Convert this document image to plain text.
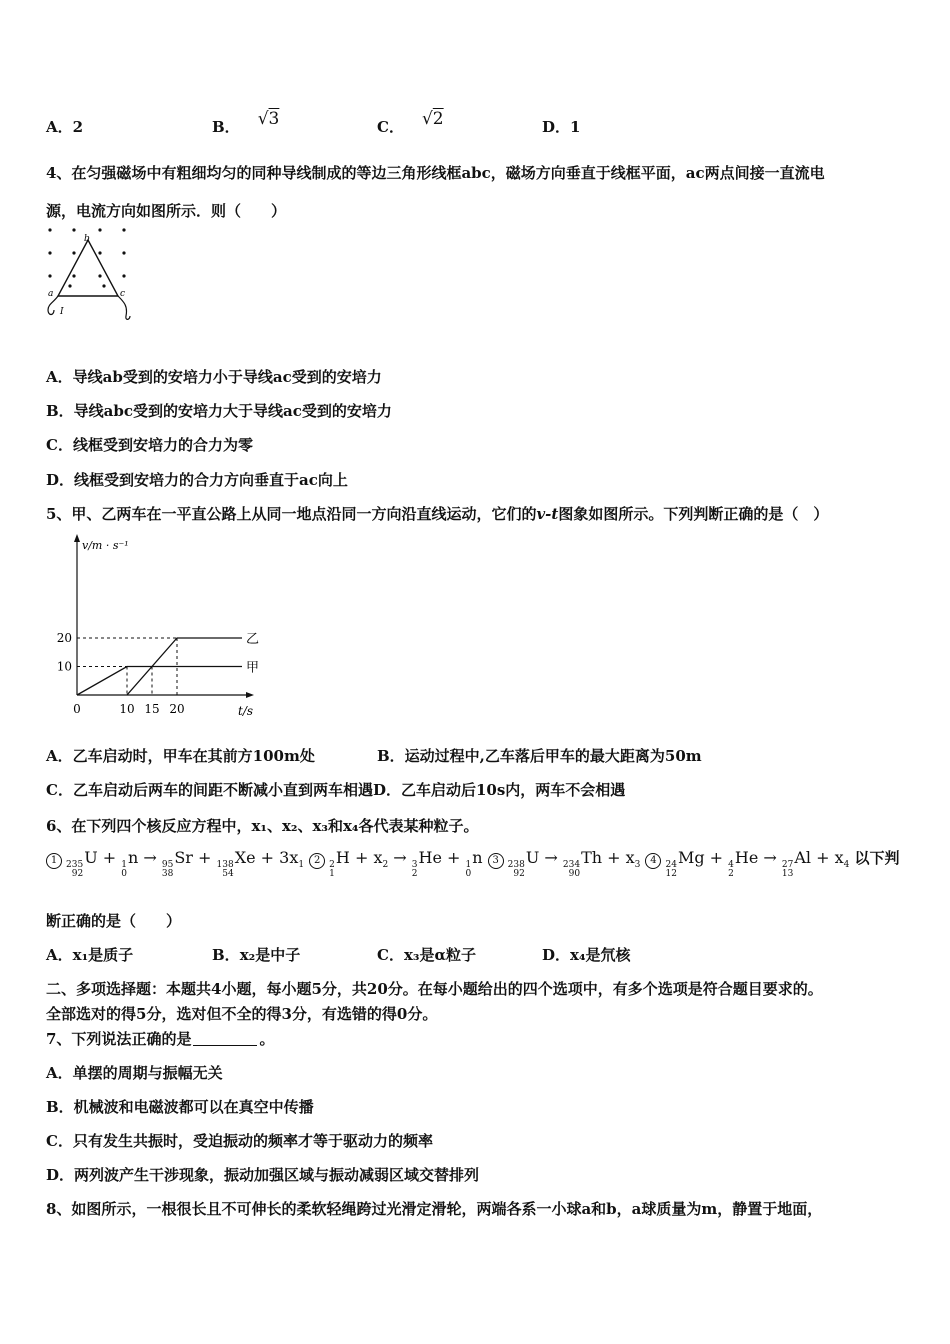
A．2	B． √3	C． √2	D．1
4、在匀强磁场中有粗细均匀的同种导线制成的等边三角形线框abc，磁场方向垂直于线框平面，ac两点间接一直流电
源，电流方向如图所示．则（　　）
b
a	c
I
A．导线ab受到的安培力小于导线ac受到的安培力
B．导线abc受到的安培力大于导线ac受到的安培力
C．线框受到安培力的合力为零
D．线框受到安培力的合力方向垂直于ac向上
5、甲、乙两车在一平直公路上从同一地点沿同一方向沿直线运动，它们的v-t图象如图所示。下列判断正确的是（　）
v/m · s⁻¹
t/s
10
20
0	10 15 20
甲
乙
A．乙车启动时，甲车在其前方100m处	B．运动过程中,乙车落后甲车的最大距离为50m
C．乙车启动后两车的间距不断减小直到两车相遇D．乙车启动后10s内，两车不会相遇
6、在下列四个核反应方程中，x₁、x₂、x₃和x₄各代表某种粒子。
1 235
92
U + 1
0
n → 95
38
Sr + 138
54
$Xe + 3x_1$ 2 2
1
$H + x_2 \to 3$
2
He + 1
0
n 3 238
92
U → 234
90
$Th + x_3$ 4 24
12
Mg + 4
2
He → 27
13
$Al + x_4$ 以下判
断正确的是（　　）
A．x₁是质子	B．x₂是中子	C．x₃是α粒子	D．x₄是氘核
二、多项选择题：本题共4小题，每小题5分，共20分。在每小题给出的四个选项中，有多个选项是符合题目要求的。
全部选对的得5分，选对但不全的得3分，有选错的得0分。
7、下列说法正确的是	。
A．单摆的周期与振幅无关
B．机械波和电磁波都可以在真空中传播
C．只有发生共振时，受迫振动的频率才等于驱动力的频率
D．两列波产生干涉现象，振动加强区域与振动减弱区域交替排列
8、如图所示，一根很长且不可伸长的柔软轻绳跨过光滑定滑轮，两端各系一小球a和b，a球质量为m，静置于地面，
